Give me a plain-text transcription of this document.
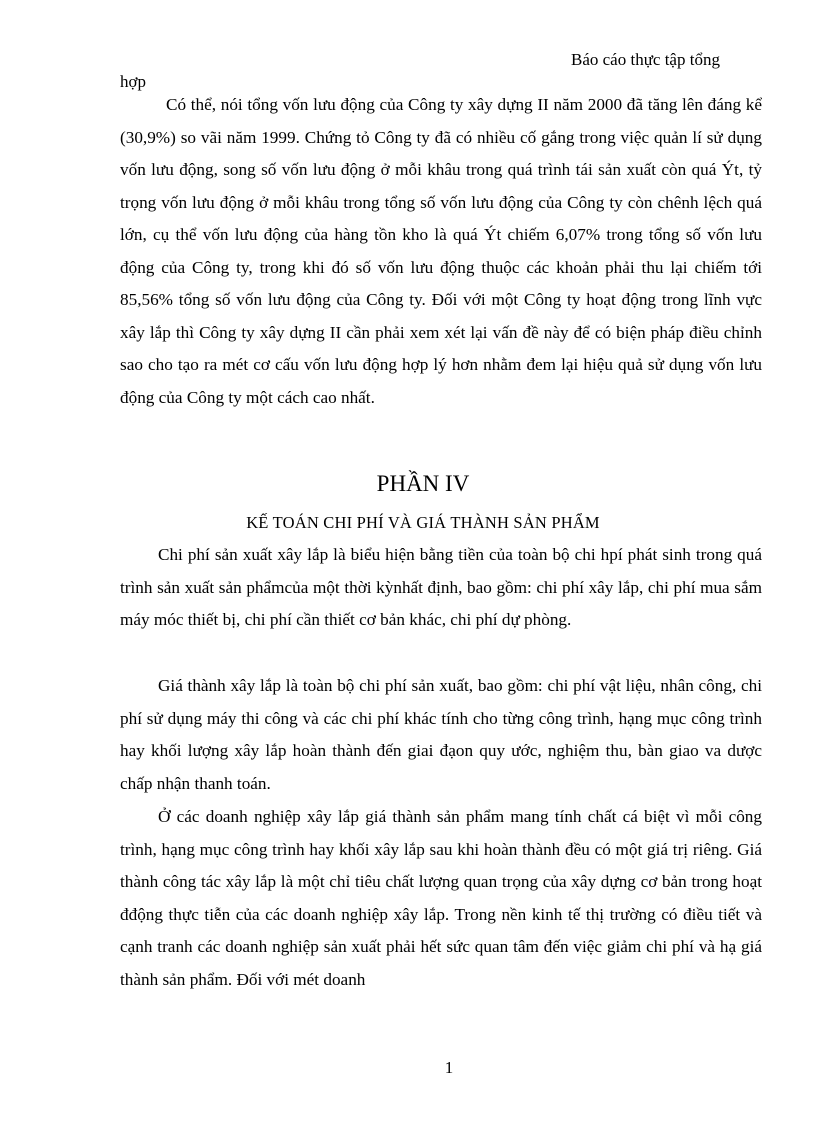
Báo cáo thực tập tổng
hợp

Có thể, nói tổng vốn lưu động của Công ty xây dựng II năm 2000 đã tăng lên đáng kể (30,9%) so vãi năm 1999. Chứng tỏ Công ty đã có nhiều cố gắng trong việc quản lí sử dụng vốn lưu động, song số vốn lưu động ở mỗi khâu trong quá trình tái sản xuất còn quá Ýt, tỷ trọng vốn lưu động ở mỗi khâu trong tổng số vốn lưu động của Công ty còn chênh lệch quá lớn, cụ thể vốn lưu động của hàng tồn kho là quá Ýt chiếm 6,07% trong tổng số vốn lưu động của Công ty, trong khi đó số vốn lưu động thuộc các khoản phải thu lại chiếm tới 85,56% tổng số vốn lưu động của Công ty. Đối với một Công ty hoạt động trong lĩnh vực xây lắp thì Công ty xây dựng II cần phải xem xét lại vấn đề này để có biện pháp điều chỉnh sao cho tạo ra mét cơ cấu vốn lưu động hợp lý hơn nhằm đem lại hiệu quả sử dụng vốn lưu động của Công ty một cách cao nhất.

PHẦN IV
KẾ TOÁN CHI PHÍ VÀ GIÁ THÀNH SẢN PHẨM

Chi phí sản xuất xây lắp là biểu hiện bằng tiền của toàn bộ chi hpí phát sinh trong quá trình sản xuất sản phẩmcủa một thời kỳnhất định, bao gồm: chi phí xây lắp, chi phí mua sắm máy móc thiết bị, chi phí cần thiết cơ bản khác, chi phí dự phòng.

Giá thành xây lắp là toàn bộ chi phí sản xuất, bao gồm: chi phí vật liệu, nhân công, chi phí sử dụng máy thi công và các chi phí khác tính cho từng công trình, hạng mục công trình hay khối lượng xây lắp hoàn thành đến giai đạon quy ước, nghiệm thu, bàn giao va dược chấp nhận thanh toán.

Ở các doanh nghiệp xây lắp giá thành sản phẩm mang tính chất cá biệt vì mỗi công trình, hạng mục công trình hay khối xây lắp sau khi hoàn thành đều có một giá trị riêng. Giá thành công tác xây lắp là một chỉ tiêu chất lượng quan trọng của xây dựng cơ bản trong hoạt đđộng thực tiễn của các doanh nghiệp xây lắp. Trong nền kinh tế thị trường có điều tiết và cạnh tranh các doanh nghiệp sản xuất phải hết sức quan tâm đến việc giảm chi phí và hạ giá thành sản phẩm. Đối với mét doanh

1
